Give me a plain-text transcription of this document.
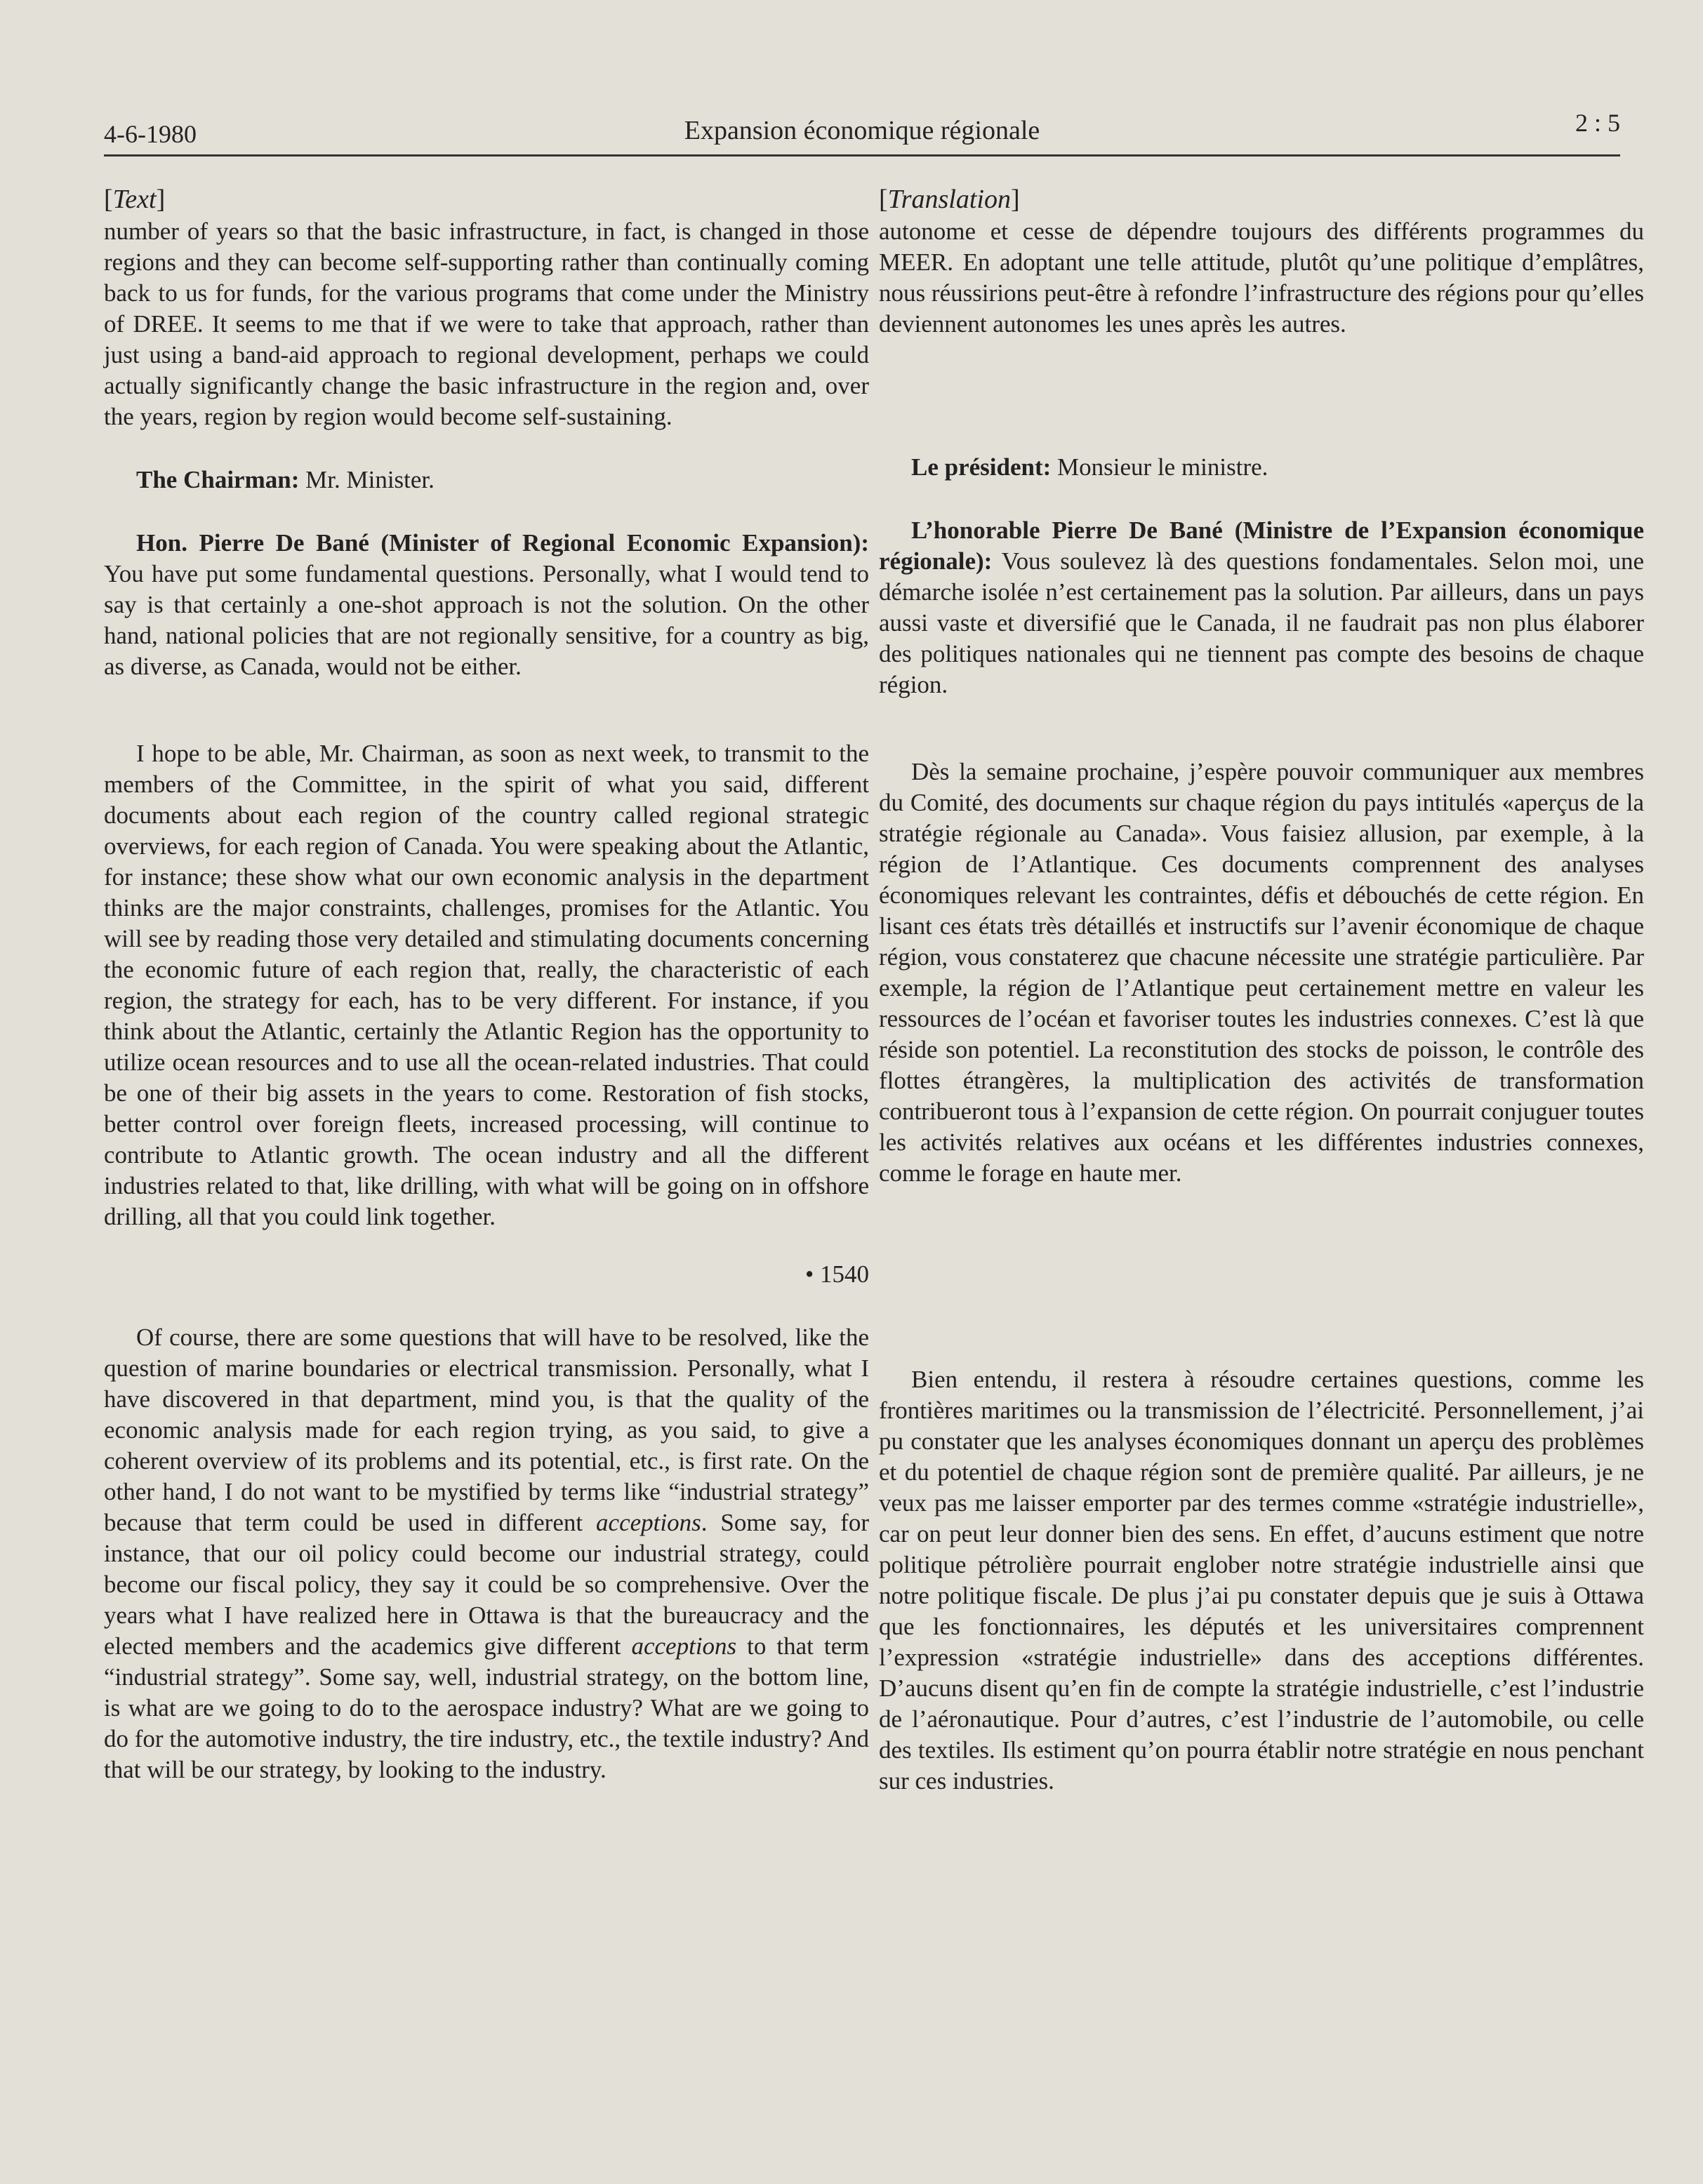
4-6-1980	Expansion économique régionale	2 : 5
[Text]

number of years so that the basic infrastructure, in fact, is changed in those regions and they can become self-supporting rather than continually coming back to us for funds, for the various programs that come under the Ministry of DREE. It seems to me that if we were to take that approach, rather than just using a band-aid approach to regional development, perhaps we could actually significantly change the basic infrastructure in the region and, over the years, region by region would become self-sustaining.

The Chairman: Mr. Minister.

Hon. Pierre De Bané (Minister of Regional Economic Expansion): You have put some fundamental questions. Personally, what I would tend to say is that certainly a one-shot approach is not the solution. On the other hand, national policies that are not regionally sensitive, for a country as big, as diverse, as Canada, would not be either.

I hope to be able, Mr. Chairman, as soon as next week, to transmit to the members of the Committee, in the spirit of what you said, different documents about each region of the country called regional strategic overviews, for each region of Canada. You were speaking about the Atlantic, for instance; these show what our own economic analysis in the department thinks are the major constraints, challenges, promises for the Atlantic. You will see by reading those very detailed and stimulating documents concerning the economic future of each region that, really, the characteristic of each region, the strategy for each, has to be very different. For instance, if you think about the Atlantic, certainly the Atlantic Region has the opportunity to utilize ocean resources and to use all the ocean-related industries. That could be one of their big assets in the years to come. Restoration of fish stocks, better control over foreign fleets, increased processing, will continue to contribute to Atlantic growth. The ocean industry and all the different industries related to that, like drilling, with what will be going on in offshore drilling, all that you could link together.

• 1540

Of course, there are some questions that will have to be resolved, like the question of marine boundaries or electrical transmission. Personally, what I have discovered in that department, mind you, is that the quality of the economic analysis made for each region trying, as you said, to give a coherent overview of its problems and its potential, etc., is first rate. On the other hand, I do not want to be mystified by terms like “industrial strategy” because that term could be used in different acceptions. Some say, for instance, that our oil policy could become our industrial strategy, could become our fiscal policy, they say it could be so comprehensive. Over the years what I have realized here in Ottawa is that the bureaucracy and the elected members and the academics give different acceptions to that term “industrial strategy”. Some say, well, industrial strategy, on the bottom line, is what are we going to do to the aerospace industry? What are we going to do for the automotive industry, the tire industry, etc., the textile industry? And that will be our strategy, by looking to the industry.

[Translation]

autonome et cesse de dépendre toujours des différents programmes du MEER. En adoptant une telle attitude, plutôt qu’une politique d’emplâtres, nous réussirions peut-être à refondre l’infrastructure des régions pour qu’elles deviennent autonomes les unes après les autres.

Le président: Monsieur le ministre.

L’honorable Pierre De Bané (Ministre de l’Expansion économique régionale): Vous soulevez là des questions fondamentales. Selon moi, une démarche isolée n’est certainement pas la solution. Par ailleurs, dans un pays aussi vaste et diversifié que le Canada, il ne faudrait pas non plus élaborer des politiques nationales qui ne tiennent pas compte des besoins de chaque région.

Dès la semaine prochaine, j’espère pouvoir communiquer aux membres du Comité, des documents sur chaque région du pays intitulés «aperçus de la stratégie régionale au Canada». Vous faisiez allusion, par exemple, à la région de l’Atlantique. Ces documents comprennent des analyses économiques relevant les contraintes, défis et débouchés de cette région. En lisant ces états très détaillés et instructifs sur l’avenir économique de chaque région, vous constaterez que chacune nécessite une stratégie particulière. Par exemple, la région de l’Atlantique peut certainement mettre en valeur les ressources de l’océan et favoriser toutes les industries connexes. C’est là que réside son potentiel. La reconstitution des stocks de poisson, le contrôle des flottes étrangères, la multiplication des activités de transformation contribueront tous à l’expansion de cette région. On pourrait conjuguer toutes les activités relatives aux océans et les différentes industries connexes, comme le forage en haute mer.

Bien entendu, il restera à résoudre certaines questions, comme les frontières maritimes ou la transmission de l’électricité. Personnellement, j’ai pu constater que les analyses économiques donnant un aperçu des problèmes et du potentiel de chaque région sont de première qualité. Par ailleurs, je ne veux pas me laisser emporter par des termes comme «stratégie industrielle», car on peut leur donner bien des sens. En effet, d’aucuns estiment que notre politique pétrolière pourrait englober notre stratégie industrielle ainsi que notre politique fiscale. De plus j’ai pu constater depuis que je suis à Ottawa que les fonctionnaires, les députés et les universitaires comprennent l’expression «stratégie industrielle» dans des acceptions différentes. D’aucuns disent qu’en fin de compte la stratégie industrielle, c’est l’industrie de l’aéronautique. Pour d’autres, c’est l’industrie de l’automobile, ou celle des textiles. Ils estiment qu’on pourra établir notre stratégie en nous penchant sur ces industries.
